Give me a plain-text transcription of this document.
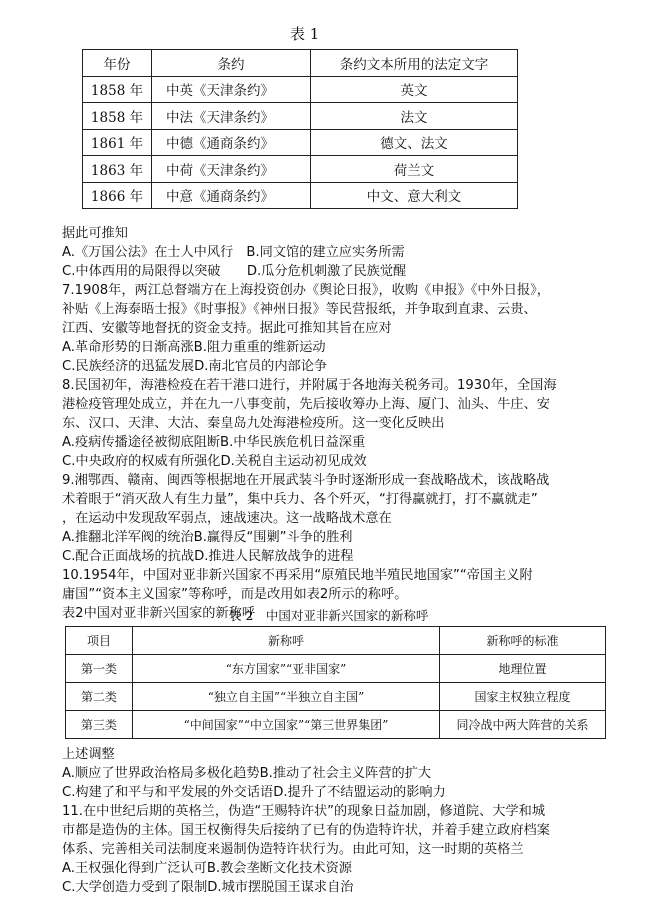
表 1
年份	条约	条约文本所用的法定文字
1858 年	中英《天津条约》	英文
1858 年	中法《天津条约》	法文
1861 年	中德《通商条约》	德文、法文
1863 年	中荷《天津条约》	荷兰文
1866 年	中意《通商条约》	中文、意大利文
据此可推知
A.《万国公法》在士人中风行　B.同文馆的建立应实务所需
C.中体西用的局限得以突破　　D.瓜分危机刺激了民族觉醒
7.1908年，两江总督端方在上海投资创办《舆论日报》，收购《申报》《中外日报》，
补贴《上海泰晤士报》《时事报》《神州日报》等民营报纸，并争取到直隶、云贵、
江西、安徽等地督抚的资金支持。据此可推知其旨在应对
A.革命形势的日渐高涨B.阻力重重的维新运动
C.民族经济的迅猛发展D.南北官员的内部论争
8.民国初年，海港检疫在若干港口进行，并附属于各地海关税务司。1930年，全国海
港检疫管理处成立，并在九一八事变前，先后接收筹办上海、厦门、汕头、牛庄、安
东、汉口、天津、大沽、秦皇岛九处海港检疫所。这一变化反映出
A.疫病传播途径被彻底阻断B.中华民族危机日益深重
C.中央政府的权威有所强化D.关税自主运动初见成效
9.湘鄂西、赣南、闽西等根据地在开展武装斗争时逐渐形成一套战略战术，该战略战
术着眼于“消灭敌人有生力量”，集中兵力、各个歼灭，“打得赢就打，打不赢就走”
，在运动中发现敌军弱点，速战速决。这一战略战术意在
A.推翻北洋军阀的统治B.赢得反“围剿”斗争的胜利
C.配合正面战场的抗战D.推进人民解放战争的进程
10.1954年，中国对亚非新兴国家不再采用“原殖民地半殖民地国家”“帝国主义附
庸国”“资本主义国家”等称呼，而是改用如表2所示的称呼。
表2中国对亚非新兴国家的新称呼
表 2　中国对亚非新兴国家的新称呼
项目	新称呼	新称呼的标准
第一类	“东方国家”“亚非国家”	地理位置
第二类	“独立自主国”“半独立自主国”	国家主权独立程度
第三类	“中间国家”“中立国家”“第三世界集团”	同冷战中两大阵营的关系
上述调整
A.顺应了世界政治格局多极化趋势B.推动了社会主义阵营的扩大
C.构建了和平与和平发展的外交话语D.提升了不结盟运动的影响力
11.在中世纪后期的英格兰，伪造“王赐特许状”的现象日益加剧，修道院、大学和城
市都是造伪的主体。国王权衡得失后接纳了已有的伪造特许状，并着手建立政府档案
体系、完善相关司法制度来遏制伪造特许状行为。由此可知，这一时期的英格兰
A.王权强化得到广泛认可B.教会垄断文化技术资源
C.大学创造力受到了限制D.城市摆脱国王谋求自治
